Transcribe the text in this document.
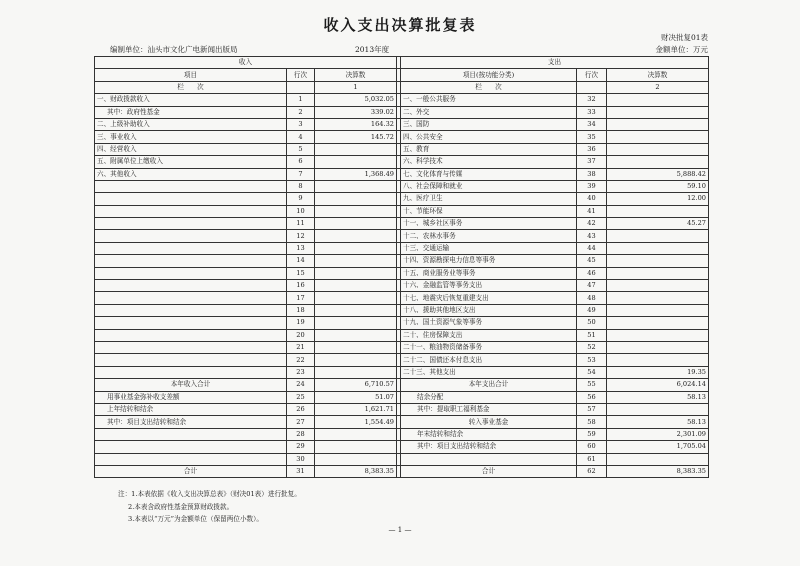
收入支出决算批复表
财决批复01表
编制单位：汕头市文化广电新闻出版局	2013年度	金额单位：万元
收入				支出		
项目	行次	决算数		项目(按功能分类)	行次	决算数
栏　　次		1		栏　　次		2
一、财政拨款收入	1	5,032.05		一、一般公共服务	32	
其中：政府性基金	2	339.02		二、外交	33	
二、上级补助收入	3	164.32		三、国防	34	
三、事业收入	4	145.72		四、公共安全	35	
四、经营收入	5			五、教育	36	
五、附属单位上缴收入	6			六、科学技术	37	
六、其他收入	7	1,368.49		七、文化体育与传媒	38	5,888.42
	8			八、社会保障和就业	39	59.10
	9			九、医疗卫生	40	12.00
	10			十、节能环保	41	
	11			十一、城乡社区事务	42	45.27
	12			十二、农林水事务	43	
	13			十三、交通运输	44	
	14			十四、资源勘探电力信息等事务	45	
	15			十五、商业服务业等事务	46	
	16			十六、金融监管等事务支出	47	
	17			十七、地震灾后恢复重建支出	48	
	18			十八、援助其他地区支出	49	
	19			十九、国土资源气象等事务	50	
	20			二十、住房保障支出	51	
	21			二十一、粮油物资储备事务	52	
	22			二十二、国债还本付息支出	53	
	23			二十三、其他支出	54	19.35
本年收入合计	24	6,710.57		本年支出合计	55	6,024.14
用事业基金弥补收支差额	25	51.07		结余分配	56	58.13
上年结转和结余	26	1,621.71		其中：提取职工福利基金	57	
其中：项目支出结转和结余	27	1,554.49		转入事业基金	58	58.13
	28			年末结转和结余	59	2,301.09
	29			其中：项目支出结转和结余	60	1,705.04
	30				61	
合计	31	8,383.35		合计	62	8,383.35
注：1.本表依据《收入支出决算总表》（财决01表）进行批复。
2.本表含政府性基金预算财政拨款。
3.本表以“万元”为金额单位（保留两位小数）。
— 1 —
